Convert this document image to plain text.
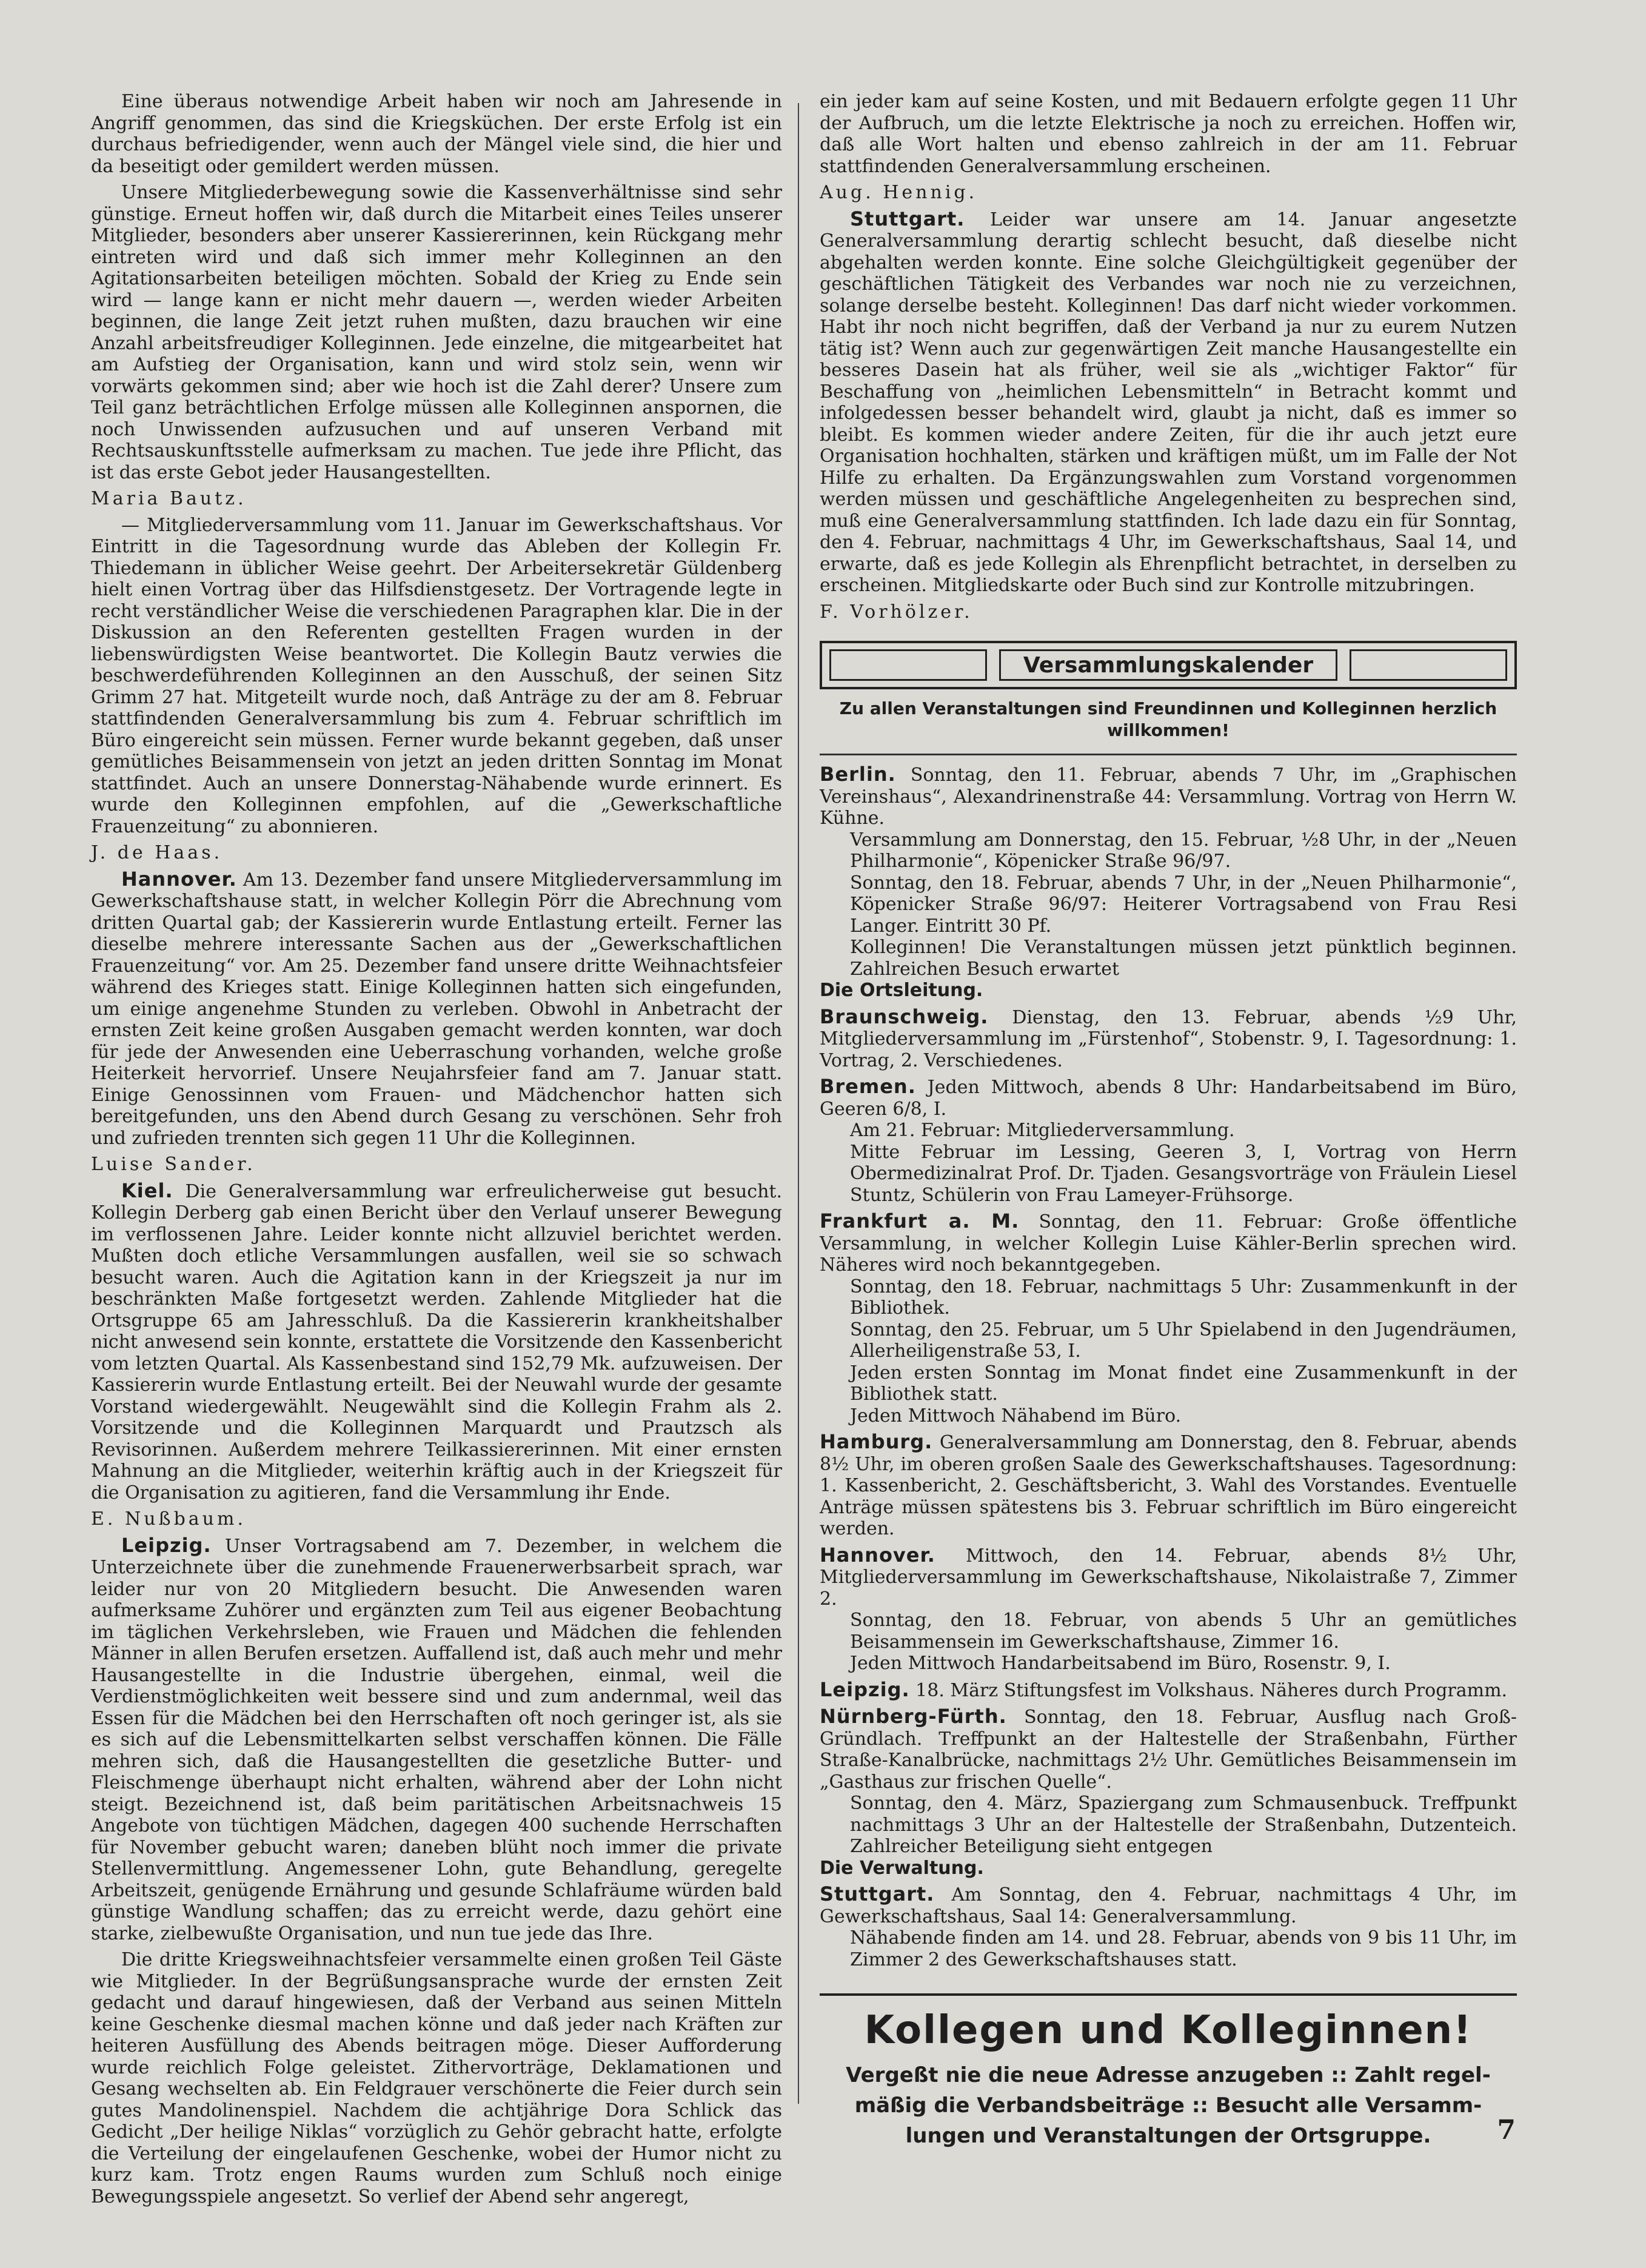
Eine überaus notwendige Arbeit haben wir noch am Jahresende in Angriff genommen, das sind die Kriegsküchen. Der erste Erfolg ist ein durchaus befriedigender, wenn auch der Mängel viele sind, die hier und da beseitigt oder gemildert werden müssen.

Unsere Mitgliederbewegung sowie die Kassenverhältnisse sind sehr günstige. Erneut hoffen wir, daß durch die Mitarbeit eines Teiles unserer Mitglieder, besonders aber unserer Kassiererinnen, kein Rückgang mehr eintreten wird und daß sich immer mehr Kolleginnen an den Agitationsarbeiten beteiligen möchten. Sobald der Krieg zu Ende sein wird — lange kann er nicht mehr dauern —, werden wieder Arbeiten beginnen, die lange Zeit jetzt ruhen mußten, dazu brauchen wir eine Anzahl arbeitsfreudiger Kolleginnen. Jede einzelne, die mitgearbeitet hat am Aufstieg der Organisation, kann und wird stolz sein, wenn wir vorwärts gekommen sind; aber wie hoch ist die Zahl derer? Unsere zum Teil ganz beträchtlichen Erfolge müssen alle Kolleginnen anspornen, die noch Unwissenden aufzusuchen und auf unseren Verband mit Rechtsauskunftsstelle aufmerksam zu machen. Tue jede ihre Pflicht, das ist das erste Gebot jeder Hausangestellten.

Maria Bautz.

— Mitgliederversammlung vom 11. Januar im Gewerkschaftshaus. Vor Eintritt in die Tagesordnung wurde das Ableben der Kollegin Fr. Thiedemann in üblicher Weise geehrt. Der Arbeitersekretär Güldenberg hielt einen Vortrag über das Hilfsdienstgesetz. Der Vortragende legte in recht verständlicher Weise die verschiedenen Paragraphen klar. Die in der Diskussion an den Referenten gestellten Fragen wurden in der liebenswürdigsten Weise beantwortet. Die Kollegin Bautz verwies die beschwerdeführenden Kolleginnen an den Ausschuß, der seinen Sitz Grimm 27 hat. Mitgeteilt wurde noch, daß Anträge zu der am 8. Februar stattfindenden Generalversammlung bis zum 4. Februar schriftlich im Büro eingereicht sein müssen. Ferner wurde bekannt gegeben, daß unser gemütliches Beisammensein von jetzt an jeden dritten Sonntag im Monat stattfindet. Auch an unsere Donnerstag-Nähabende wurde erinnert. Es wurde den Kolleginnen empfohlen, auf die „Gewerkschaftliche Frauenzeitung“ zu abonnieren.

J. de Haas.

Hannover. Am 13. Dezember fand unsere Mitgliederversammlung im Gewerkschaftshause statt, in welcher Kollegin Pörr die Abrechnung vom dritten Quartal gab; der Kassiererin wurde Entlastung erteilt. Ferner las dieselbe mehrere interessante Sachen aus der „Gewerkschaftlichen Frauenzeitung“ vor. Am 25. Dezember fand unsere dritte Weihnachtsfeier während des Krieges statt. Einige Kolleginnen hatten sich eingefunden, um einige angenehme Stunden zu verleben. Obwohl in Anbetracht der ernsten Zeit keine großen Ausgaben gemacht werden konnten, war doch für jede der Anwesenden eine Ueberraschung vorhanden, welche große Heiterkeit hervorrief. Unsere Neujahrsfeier fand am 7. Januar statt. Einige Genossinnen vom Frauen- und Mädchenchor hatten sich bereitgefunden, uns den Abend durch Gesang zu verschönen. Sehr froh und zufrieden trennten sich gegen 11 Uhr die Kolleginnen.

Luise Sander.

Kiel. Die Generalversammlung war erfreulicherweise gut besucht. Kollegin Derberg gab einen Bericht über den Verlauf unserer Bewegung im verflossenen Jahre. Leider konnte nicht allzuviel berichtet werden. Mußten doch etliche Versammlungen ausfallen, weil sie so schwach besucht waren. Auch die Agitation kann in der Kriegszeit ja nur im beschränkten Maße fortgesetzt werden. Zahlende Mitglieder hat die Ortsgruppe 65 am Jahresschluß. Da die Kassiererin krankheitshalber nicht anwesend sein konnte, erstattete die Vorsitzende den Kassenbericht vom letzten Quartal. Als Kassenbestand sind 152,79 Mk. aufzuweisen. Der Kassiererin wurde Entlastung erteilt. Bei der Neuwahl wurde der gesamte Vorstand wiedergewählt. Neugewählt sind die Kollegin Frahm als 2. Vorsitzende und die Kolleginnen Marquardt und Prautzsch als Revisorinnen. Außerdem mehrere Teilkassiererinnen. Mit einer ernsten Mahnung an die Mitglieder, weiterhin kräftig auch in der Kriegszeit für die Organisation zu agitieren, fand die Versammlung ihr Ende.

E. Nußbaum.

Leipzig. Unser Vortragsabend am 7. Dezember, in welchem die Unterzeichnete über die zunehmende Frauenerwerbsarbeit sprach, war leider nur von 20 Mitgliedern besucht. Die Anwesenden waren aufmerksame Zuhörer und ergänzten zum Teil aus eigener Beobachtung im täglichen Verkehrsleben, wie Frauen und Mädchen die fehlenden Männer in allen Berufen ersetzen. Auffallend ist, daß auch mehr und mehr Hausangestellte in die Industrie übergehen, einmal, weil die Verdienstmöglichkeiten weit bessere sind und zum andernmal, weil das Essen für die Mädchen bei den Herrschaften oft noch geringer ist, als sie es sich auf die Lebensmittelkarten selbst verschaffen können. Die Fälle mehren sich, daß die Hausangestellten die gesetzliche Butter- und Fleischmenge überhaupt nicht erhalten, während aber der Lohn nicht steigt. Bezeichnend ist, daß beim paritätischen Arbeitsnachweis 15 Angebote von tüchtigen Mädchen, dagegen 400 suchende Herrschaften für November gebucht waren; daneben blüht noch immer die private Stellenvermittlung. Angemessener Lohn, gute Behandlung, geregelte Arbeitszeit, genügende Ernährung und gesunde Schlafräume würden bald günstige Wandlung schaffen; das zu erreicht werde, dazu gehört eine starke, zielbewußte Organisation, und nun tue jede das Ihre.

Die dritte Kriegsweihnachtsfeier versammelte einen großen Teil Gäste wie Mitglieder. In der Begrüßungsansprache wurde der ernsten Zeit gedacht und darauf hingewiesen, daß der Verband aus seinen Mitteln keine Geschenke diesmal machen könne und daß jeder nach Kräften zur heiteren Ausfüllung des Abends beitragen möge. Dieser Aufforderung wurde reichlich Folge geleistet. Zithervorträge, Deklamationen und Gesang wechselten ab. Ein Feldgrauer verschönerte die Feier durch sein gutes Mandolinenspiel. Nachdem die achtjährige Dora Schlick das Gedicht „Der heilige Niklas“ vorzüglich zu Gehör gebracht hatte, erfolgte die Verteilung der eingelaufenen Geschenke, wobei der Humor nicht zu kurz kam. Trotz engen Raums wurden zum Schluß noch einige Bewegungsspiele angesetzt. So verlief der Abend sehr angeregt,

ein jeder kam auf seine Kosten, und mit Bedauern erfolgte gegen 11 Uhr der Aufbruch, um die letzte Elektrische ja noch zu erreichen. Hoffen wir, daß alle Wort halten und ebenso zahlreich in der am 11. Februar stattfindenden Generalversammlung erscheinen.

Aug. Hennig.

Stuttgart. Leider war unsere am 14. Januar angesetzte Generalversammlung derartig schlecht besucht, daß dieselbe nicht abgehalten werden konnte. Eine solche Gleichgültigkeit gegenüber der geschäftlichen Tätigkeit des Verbandes war noch nie zu verzeichnen, solange derselbe besteht. Kolleginnen! Das darf nicht wieder vorkommen. Habt ihr noch nicht begriffen, daß der Verband ja nur zu eurem Nutzen tätig ist? Wenn auch zur gegenwärtigen Zeit manche Hausangestellte ein besseres Dasein hat als früher, weil sie als „wichtiger Faktor“ für Beschaffung von „heimlichen Lebensmitteln“ in Betracht kommt und infolgedessen besser behandelt wird, glaubt ja nicht, daß es immer so bleibt. Es kommen wieder andere Zeiten, für die ihr auch jetzt eure Organisation hochhalten, stärken und kräftigen müßt, um im Falle der Not Hilfe zu erhalten. Da Ergänzungswahlen zum Vorstand vorgenommen werden müssen und geschäftliche Angelegenheiten zu besprechen sind, muß eine Generalversammlung stattfinden. Ich lade dazu ein für Sonntag, den 4. Februar, nachmittags 4 Uhr, im Gewerkschaftshaus, Saal 14, und erwarte, daß es jede Kollegin als Ehrenpflicht betrachtet, in derselben zu erscheinen. Mitgliedskarte oder Buch sind zur Kontrolle mitzubringen.

F. Vorhölzer.

Versammlungskalender
Zu allen Veranstaltungen sind Freundinnen und Kolleginnen herzlich willkommen!

Berlin. Sonntag, den 11. Februar, abends 7 Uhr, im „Graphischen Vereinshaus“, Alexandrinenstraße 44: Versammlung. Vortrag von Herrn W. Kühne.

Versammlung am Donnerstag, den 15. Februar, ½8 Uhr, in der „Neuen Philharmonie“, Köpenicker Straße 96/97.

Sonntag, den 18. Februar, abends 7 Uhr, in der „Neuen Philharmonie“, Köpenicker Straße 96/97: Heiterer Vortragsabend von Frau Resi Langer. Eintritt 30 Pf.

Kolleginnen! Die Veranstaltungen müssen jetzt pünktlich beginnen. Zahlreichen Besuch erwartet

Die Ortsleitung.

Braunschweig. Dienstag, den 13. Februar, abends ½9 Uhr, Mitgliederversammlung im „Fürstenhof“, Stobenstr. 9, I. Tagesordnung: 1. Vortrag, 2. Verschiedenes.

Bremen. Jeden Mittwoch, abends 8 Uhr: Handarbeitsabend im Büro, Geeren 6/8, I.

Am 21. Februar: Mitgliederversammlung.

Mitte Februar im Lessing, Geeren 3, I, Vortrag von Herrn Obermedizinalrat Prof. Dr. Tjaden. Gesangsvorträge von Fräulein Liesel Stuntz, Schülerin von Frau Lameyer-Frühsorge.

Frankfurt a. M. Sonntag, den 11. Februar: Große öffentliche Versammlung, in welcher Kollegin Luise Kähler-Berlin sprechen wird. Näheres wird noch bekanntgegeben.

Sonntag, den 18. Februar, nachmittags 5 Uhr: Zusammenkunft in der Bibliothek.

Sonntag, den 25. Februar, um 5 Uhr Spielabend in den Jugendräumen, Allerheiligenstraße 53, I.

Jeden ersten Sonntag im Monat findet eine Zusammenkunft in der Bibliothek statt.

Jeden Mittwoch Nähabend im Büro.

Hamburg. Generalversammlung am Donnerstag, den 8. Februar, abends 8½ Uhr, im oberen großen Saale des Gewerkschaftshauses. Tagesordnung: 1. Kassenbericht, 2. Geschäftsbericht, 3. Wahl des Vorstandes. Eventuelle Anträge müssen spätestens bis 3. Februar schriftlich im Büro eingereicht werden.

Hannover. Mittwoch, den 14. Februar, abends 8½ Uhr, Mitgliederversammlung im Gewerkschaftshause, Nikolaistraße 7, Zimmer 2.

Sonntag, den 18. Februar, von abends 5 Uhr an gemütliches Beisammensein im Gewerkschaftshause, Zimmer 16.

Jeden Mittwoch Handarbeitsabend im Büro, Rosenstr. 9, I.

Leipzig. 18. März Stiftungsfest im Volkshaus. Näheres durch Programm.

Nürnberg-Fürth. Sonntag, den 18. Februar, Ausflug nach Groß-Gründlach. Treffpunkt an der Haltestelle der Straßenbahn, Fürther Straße-Kanalbrücke, nachmittags 2½ Uhr. Gemütliches Beisammensein im „Gasthaus zur frischen Quelle“.

Sonntag, den 4. März, Spaziergang zum Schmausenbuck. Treffpunkt nachmittags 3 Uhr an der Haltestelle der Straßenbahn, Dutzenteich. Zahlreicher Beteiligung sieht entgegen

Die Verwaltung.

Stuttgart. Am Sonntag, den 4. Februar, nachmittags 4 Uhr, im Gewerkschaftshaus, Saal 14: Generalversammlung.

Nähabende finden am 14. und 28. Februar, abends von 9 bis 11 Uhr, im Zimmer 2 des Gewerkschaftshauses statt.

Kollegen und Kolleginnen!

Vergeßt nie die neue Adresse anzugeben :: Zahlt regel-

mäßig die Verbandsbeiträge :: Besucht alle Versamm-

lungen und Veranstaltungen der Ortsgruppe.	7
